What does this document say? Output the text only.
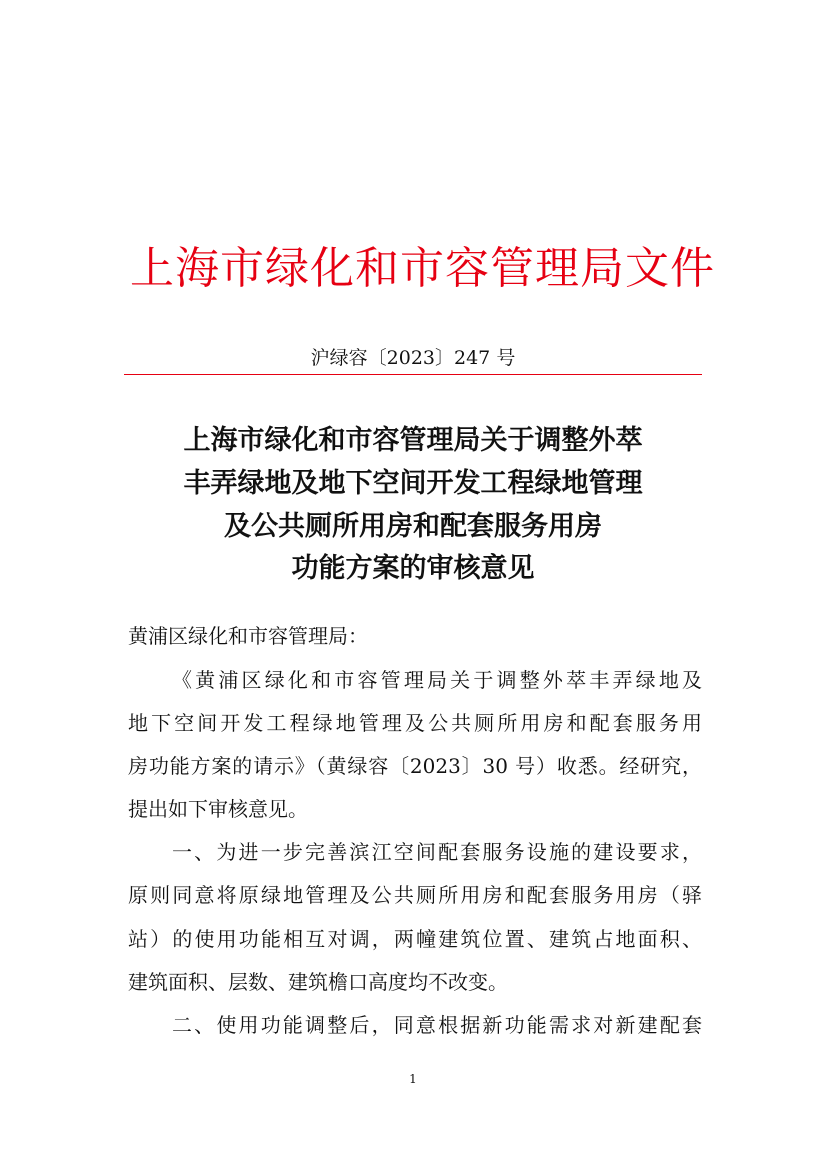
上海市绿化和市容管理局文件
沪绿容〔2023〕247 号
上海市绿化和市容管理局关于调整外萃
丰弄绿地及地下空间开发工程绿地管理
及公共厕所用房和配套服务用房
功能方案的审核意见
黄浦区绿化和市容管理局：
《黄浦区绿化和市容管理局关于调整外萃丰弄绿地及
地下空间开发工程绿地管理及公共厕所用房和配套服务用
房功能方案的请示》（黄绿容〔2023〕30 号）收悉。经研究，
提出如下审核意见。
一、为进一步完善滨江空间配套服务设施的建设要求，
原则同意将原绿地管理及公共厕所用房和配套服务用房（驿
站）的使用功能相互对调，两幢建筑位置、建筑占地面积、
建筑面积、层数、建筑檐口高度均不改变。
二、使用功能调整后，同意根据新功能需求对新建配套
1
